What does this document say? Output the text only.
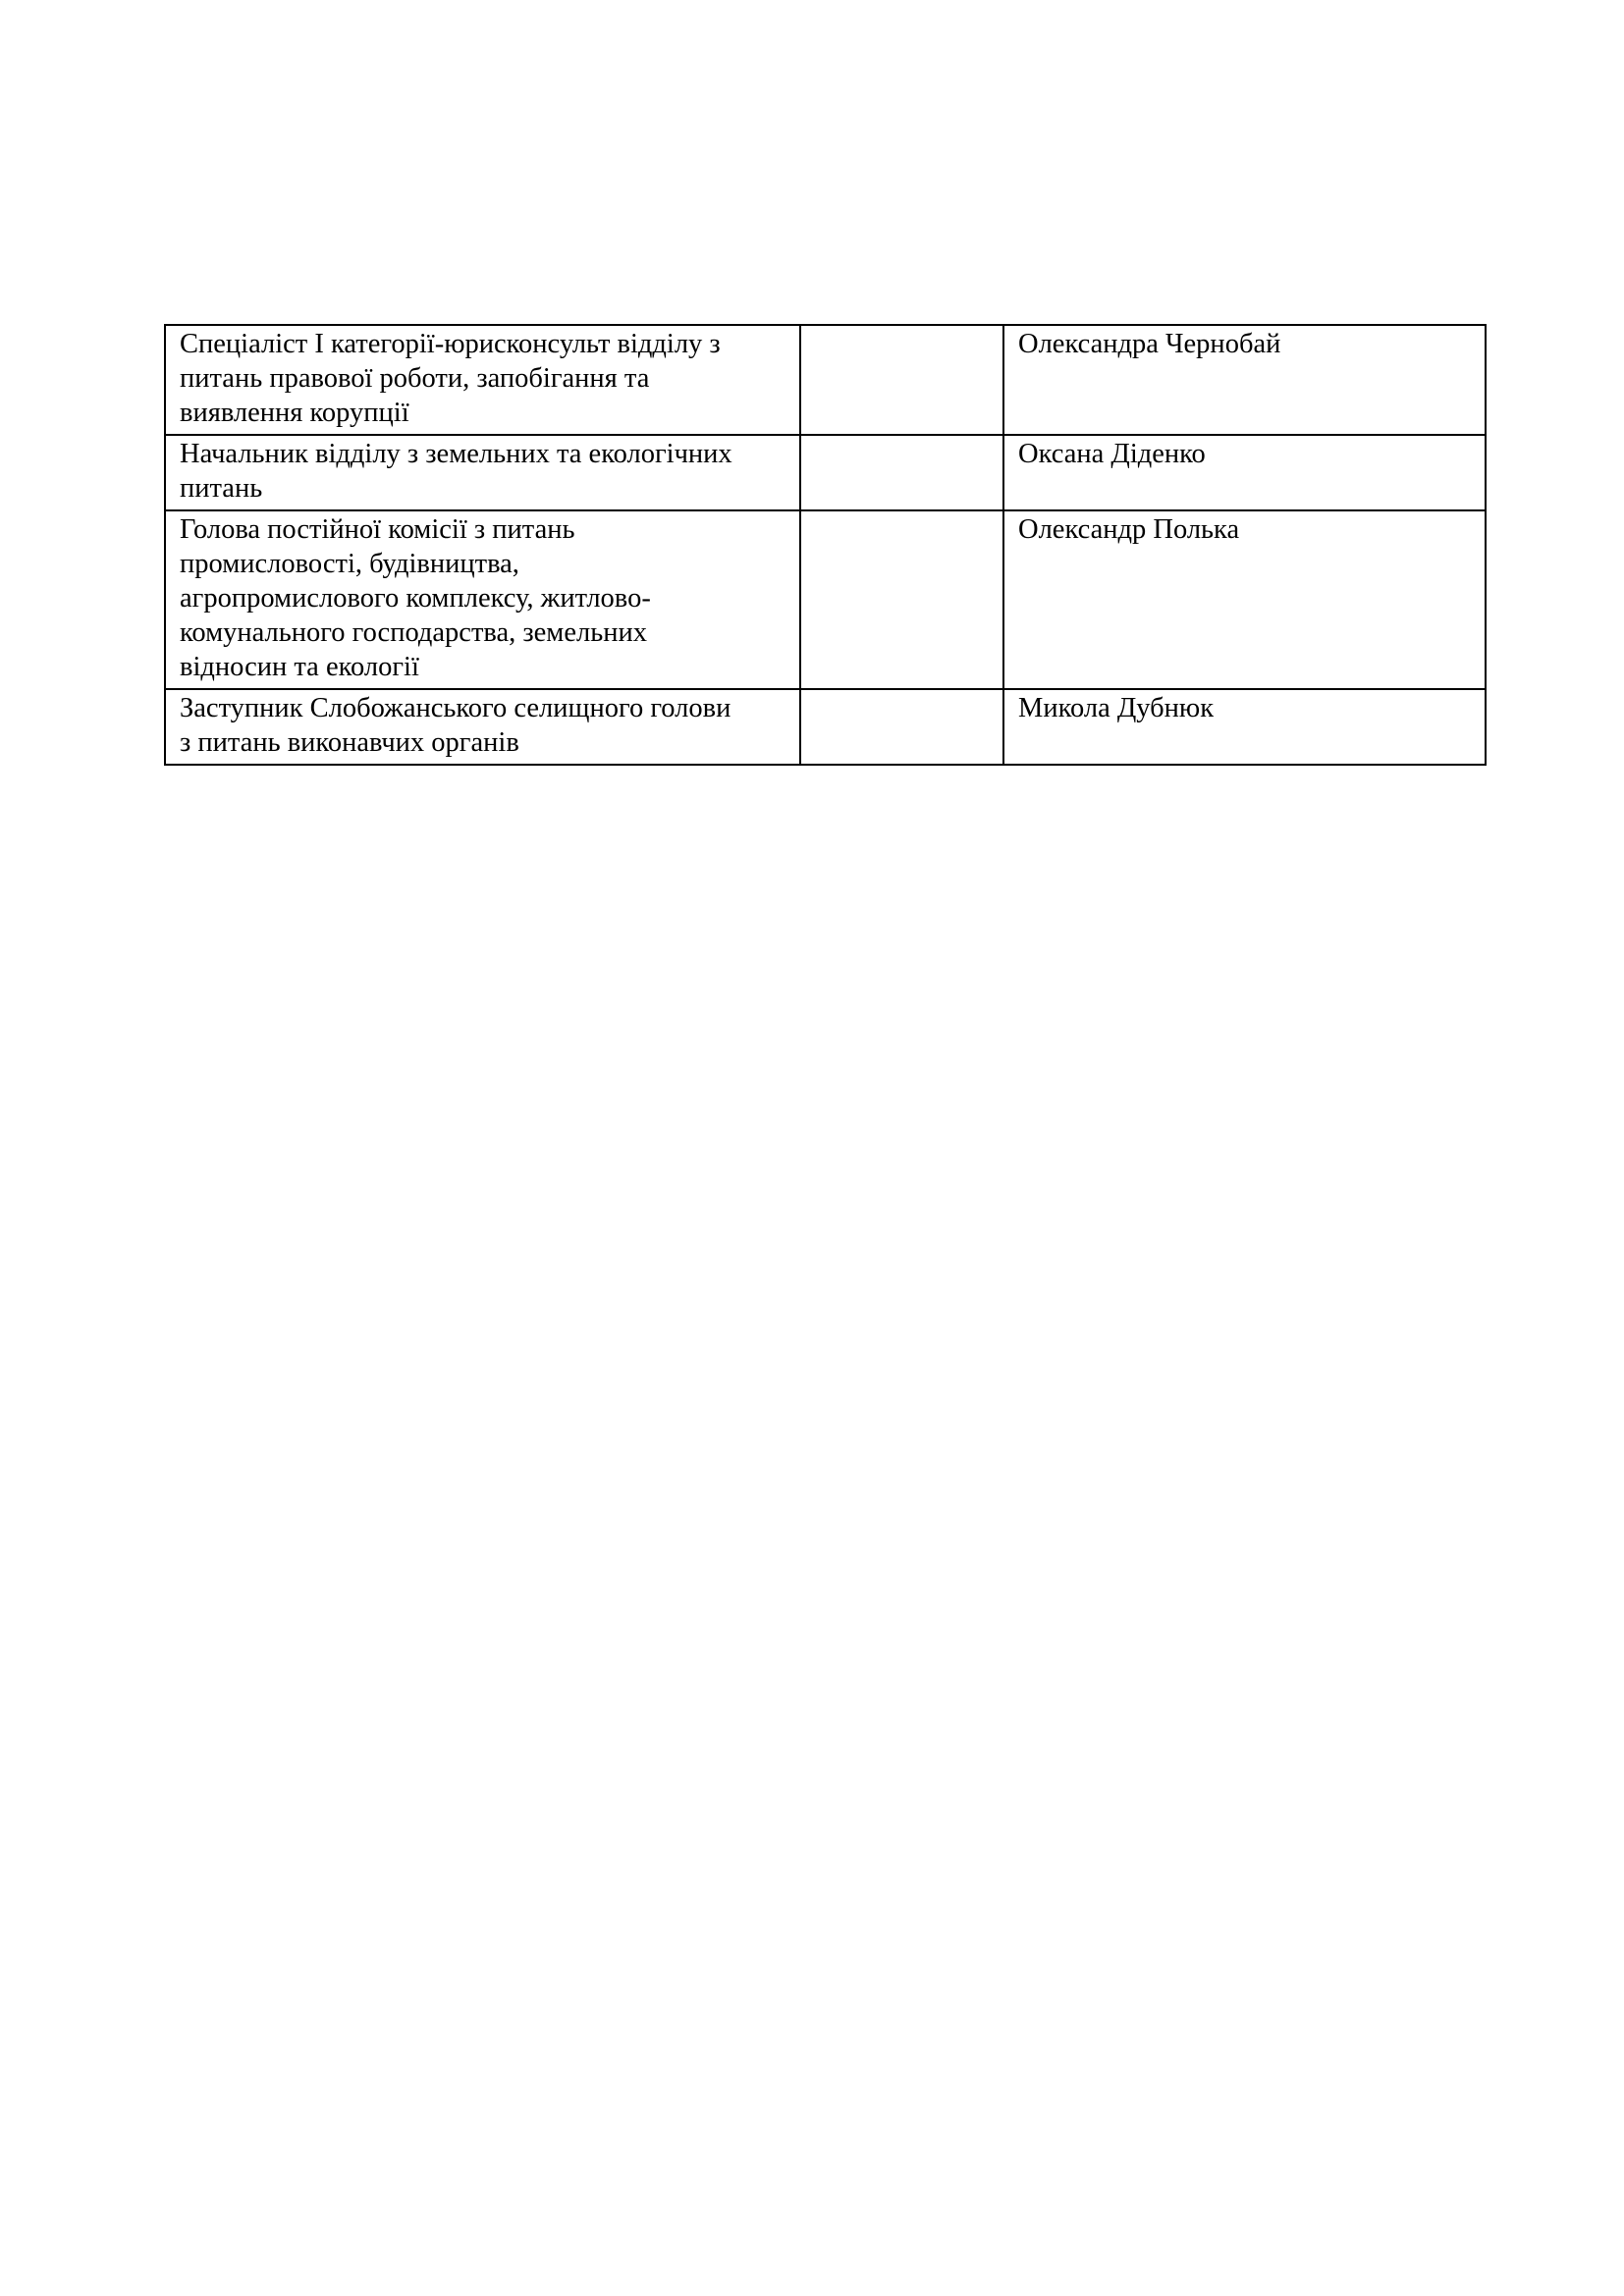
Спеціаліст І категорії-юрисконсульт відділу з
питань правової роботи, запобігання та
виявлення корупції		Олександра Чернобай

Начальник відділу з земельних та екологічних
питань		Оксана Діденко

Голова постійної комісії з питань
промисловості, будівництва,
агропромислового комплексу, житлово-
комунального господарства, земельних
відносин та екології		Олександр Полька

Заступник Слобожанського селищного голови
з питань виконавчих органів		Микола Дубнюк
